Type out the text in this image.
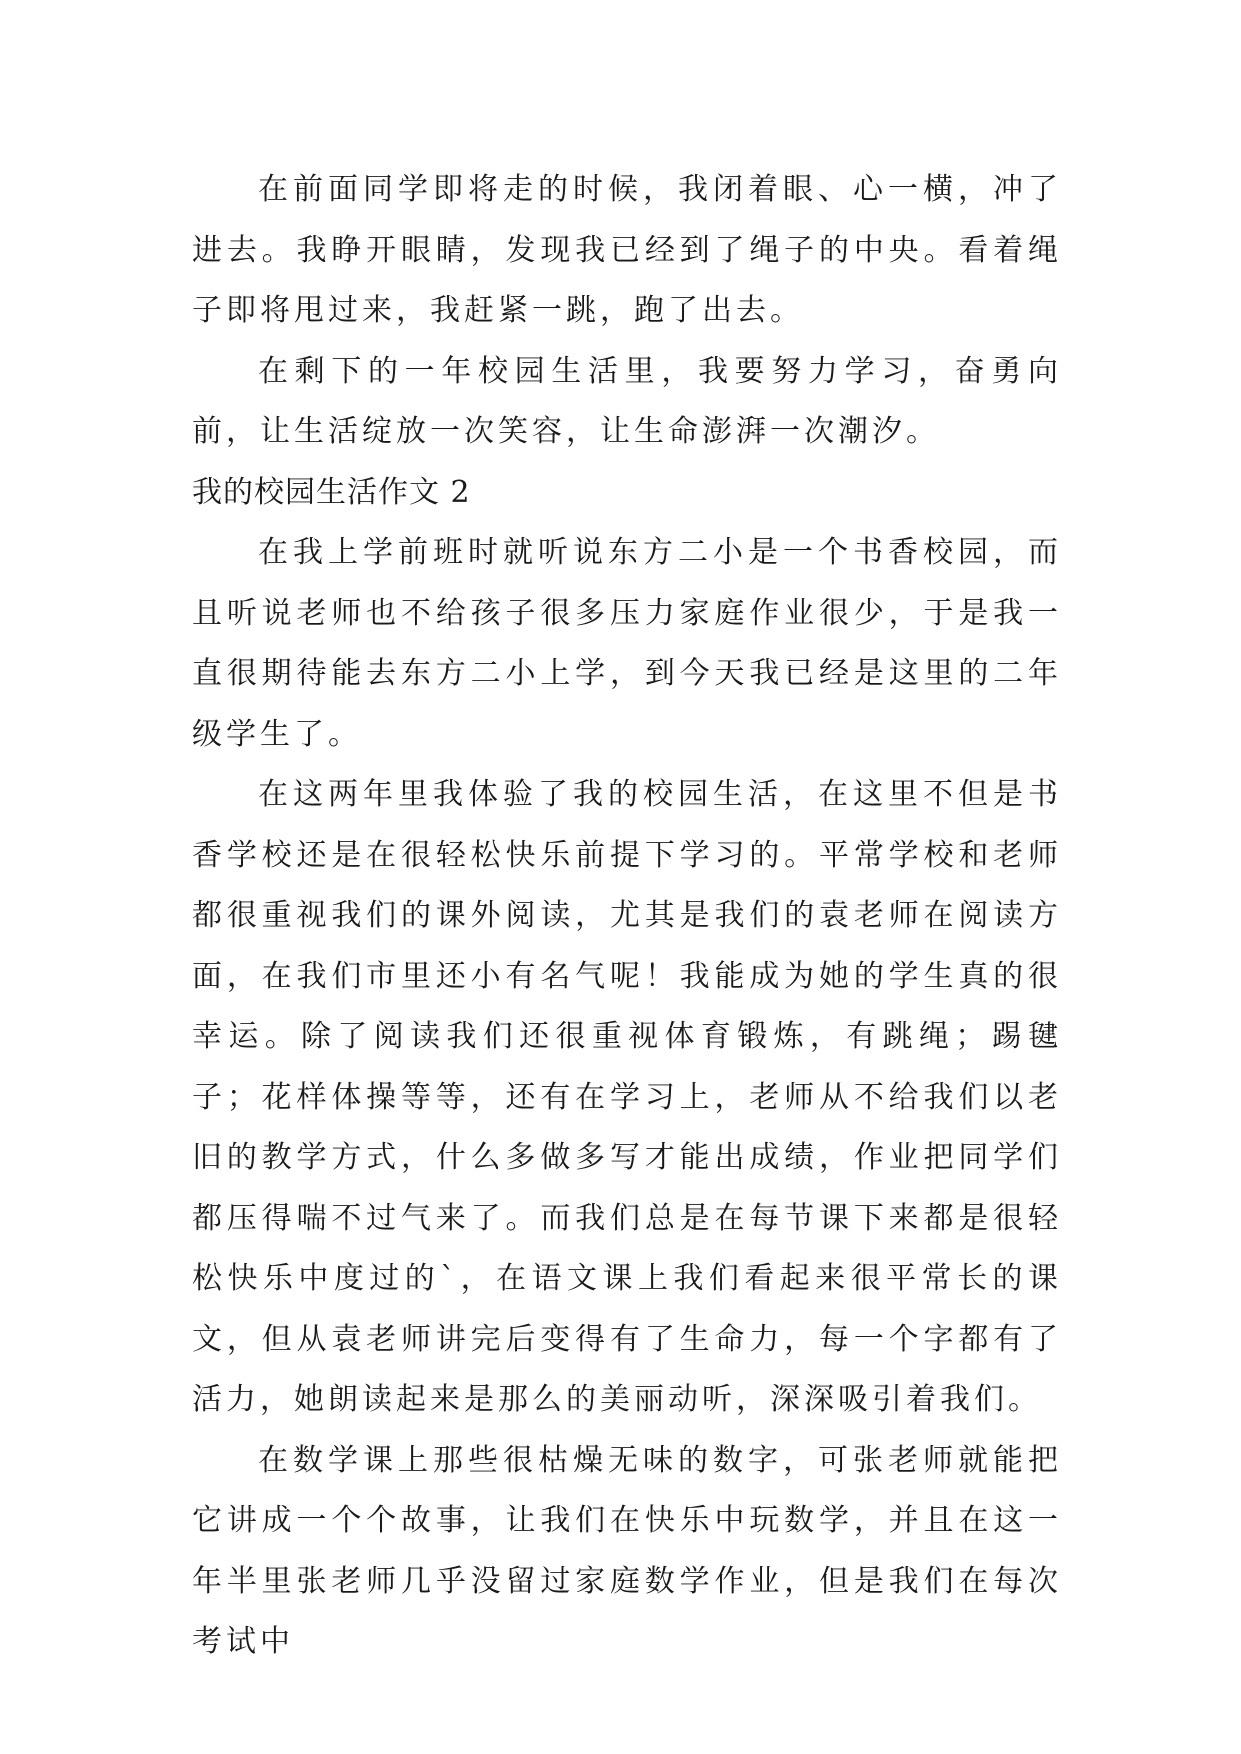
在前面同学即将走的时候，我闭着眼、心一横，冲了进去。我睁开眼睛，发现我已经到了绳子的中央。看着绳子即将甩过来，我赶紧一跳，跑了出去。

在剩下的一年校园生活里，我要努力学习，奋勇向前，让生活绽放一次笑容，让生命澎湃一次潮汐。

我的校园生活作文 2

在我上学前班时就听说东方二小是一个书香校园，而且听说老师也不给孩子很多压力家庭作业很少，于是我一直很期待能去东方二小上学，到今天我已经是这里的二年级学生了。

在这两年里我体验了我的校园生活，在这里不但是书香学校还是在很轻松快乐前提下学习的。平常学校和老师都很重视我们的课外阅读，尤其是我们的袁老师在阅读方面，在我们市里还小有名气呢！我能成为她的学生真的很幸运。除了阅读我们还很重视体育锻炼，有跳绳；踢毽子；花样体操等等，还有在学习上，老师从不给我们以老旧的教学方式，什么多做多写才能出成绩，作业把同学们都压得喘不过气来了。而我们总是在每节课下来都是很轻松快乐中度过的`，在语文课上我们看起来很平常长的课文，但从袁老师讲完后变得有了生命力，每一个字都有了活力，她朗读起来是那么的美丽动听，深深吸引着我们。

在数学课上那些很枯燥无味的数字，可张老师就能把它讲成一个个故事，让我们在快乐中玩数学，并且在这一年半里张老师几乎没留过家庭数学作业，但是我们在每次考试中
